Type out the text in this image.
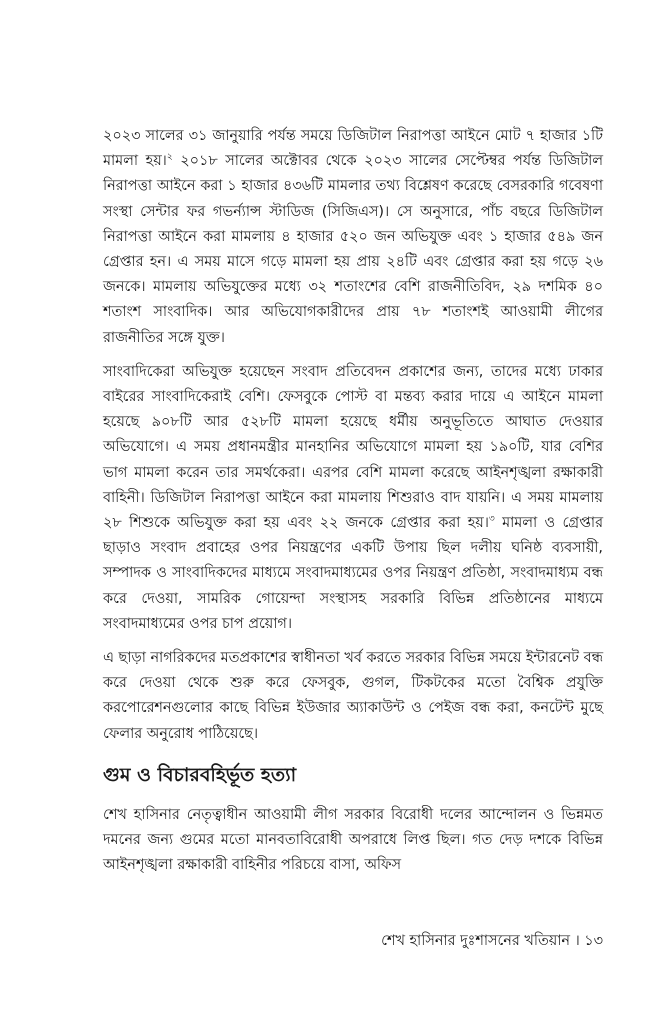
২০২৩ সালের ৩১ জানুয়ারি পর্যন্ত সময়ে ডিজিটাল নিরাপত্তা আইনে মোট ৭ হাজার ১টি মামলা হয়।$^২$ ২০১৮ সালের অক্টোবর থেকে ২০২৩ সালের সেপ্টেম্বর পর্যন্ত ডিজিটাল নিরাপত্তা আইনে করা ১ হাজার ৪৩৬টি মামলার তথ্য বিশ্লেষণ করেছে বেসরকারি গবেষণা সংস্থা সেন্টার ফর গভর্ন্যান্স স্টাডিজ (সিজিএস)। সে অনুসারে, পাঁচ বছরে ডিজিটাল নিরাপত্তা আইনে করা মামলায় ৪ হাজার ৫২০ জন অভিযুক্ত এবং ১ হাজার ৫৪৯ জন গ্রেপ্তার হন। এ সময় মাসে গড়ে মামলা হয় প্রায় ২৪টি এবং গ্রেপ্তার করা হয় গড়ে ২৬ জনকে। মামলায় অভিযুক্তের মধ্যে ৩২ শতাংশের বেশি রাজনীতিবিদ, ২৯ দশমিক ৪০ শতাংশ সাংবাদিক। আর অভিযোগকারীদের প্রায় ৭৮ শতাংশই আওয়ামী লীগের রাজনীতির সঙ্গে যুক্ত।

সাংবাদিকেরা অভিযুক্ত হয়েছেন সংবাদ প্রতিবেদন প্রকাশের জন্য, তাদের মধ্যে ঢাকার বাইরের সাংবাদিকেরাই বেশি। ফেসবুকে পোস্ট বা মন্তব্য করার দায়ে এ আইনে মামলা হয়েছে ৯০৮টি আর ৫২৮টি মামলা হয়েছে ধর্মীয় অনুভূতিতে আঘাত দেওয়ার অভিযোগে। এ সময় প্রধানমন্ত্রীর মানহানির অভিযোগে মামলা হয় ১৯০টি, যার বেশির ভাগ মামলা করেন তার সমর্থকেরা। এরপর বেশি মামলা করেছে আইনশৃঙ্খলা রক্ষাকারী বাহিনী। ডিজিটাল নিরাপত্তা আইনে করা মামলায় শিশুরাও বাদ যায়নি। এ সময় মামলায় ২৮ শিশুকে অভিযুক্ত করা হয় এবং ২২ জনকে গ্রেপ্তার করা হয়।$^৩$ মামলা ও গ্রেপ্তার ছাড়াও সংবাদ প্রবাহের ওপর নিয়ন্ত্রণের একটি উপায় ছিল দলীয় ঘনিষ্ঠ ব্যবসায়ী, সম্পাদক ও সাংবাদিকদের মাধ্যমে সংবাদমাধ্যমের ওপর নিয়ন্ত্রণ প্রতিষ্ঠা, সংবাদমাধ্যম বন্ধ করে দেওয়া, সামরিক গোয়েন্দা সংস্থাসহ সরকারি বিভিন্ন প্রতিষ্ঠানের মাধ্যমে সংবাদমাধ্যমের ওপর চাপ প্রয়োগ।

এ ছাড়া নাগরিকদের মতপ্রকাশের স্বাধীনতা খর্ব করতে সরকার বিভিন্ন সময়ে ইন্টারনেট বন্ধ করে দেওয়া থেকে শুরু করে ফেসবুক, গুগল, টিকটকের মতো বৈশ্বিক প্রযুক্তি করপোরেশনগুলোর কাছে বিভিন্ন ইউজার অ্যাকাউন্ট ও পেইজ বন্ধ করা, কনটেন্ট মুছে ফেলার অনুরোধ পাঠিয়েছে।

গুম ও বিচারবহির্ভূত হত্যা

শেখ হাসিনার নেতৃত্বাধীন আওয়ামী লীগ সরকার বিরোধী দলের আন্দোলন ও ভিন্নমত দমনের জন্য গুমের মতো মানবতাবিরোধী অপরাধে লিপ্ত ছিল। গত দেড় দশকে বিভিন্ন আইনশৃঙ্খলা রক্ষাকারী বাহিনীর পরিচয়ে বাসা, অফিস

শেখ হাসিনার দুঃশাসনের খতিয়ান । ১৩
